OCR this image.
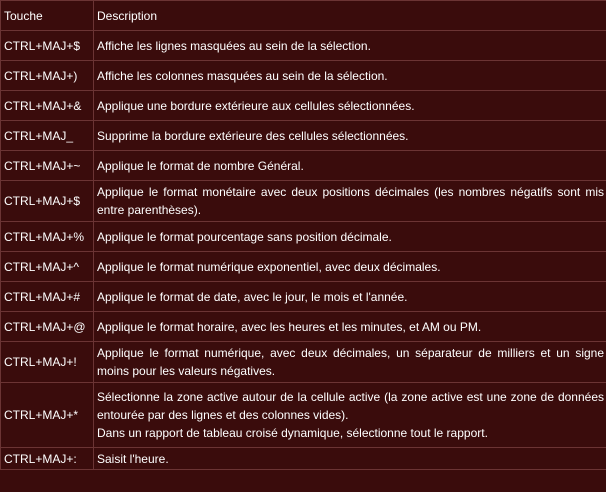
Touche	Description
CTRL+MAJ+$	Affiche les lignes masquées au sein de la sélection.
CTRL+MAJ+)	Affiche les colonnes masquées au sein de la sélection.
CTRL+MAJ+&	Applique une bordure extérieure aux cellules sélectionnées.
CTRL+MAJ_	Supprime la bordure extérieure des cellules sélectionnées.
CTRL+MAJ+~	Applique le format de nombre Général.
CTRL+MAJ+$	Applique le format monétaire avec deux positions décimales (les nombres négatifs sont mis entre parenthèses).
CTRL+MAJ+%	Applique le format pourcentage sans position décimale.
CTRL+MAJ+^	Applique le format numérique exponentiel, avec deux décimales.
CTRL+MAJ+#	Applique le format de date, avec le jour, le mois et l'année.
CTRL+MAJ+@	Applique le format horaire, avec les heures et les minutes, et AM ou PM.
CTRL+MAJ+!	Applique le format numérique, avec deux décimales, un séparateur de milliers et un signe moins pour les valeurs négatives.
CTRL+MAJ+*	Sélectionne la zone active autour de la cellule active (la zone active est une zone de données entourée par des lignes et des colonnes vides).
Dans un rapport de tableau croisé dynamique, sélectionne tout le rapport.

CTRL+MAJ+:	Saisit l'heure.
